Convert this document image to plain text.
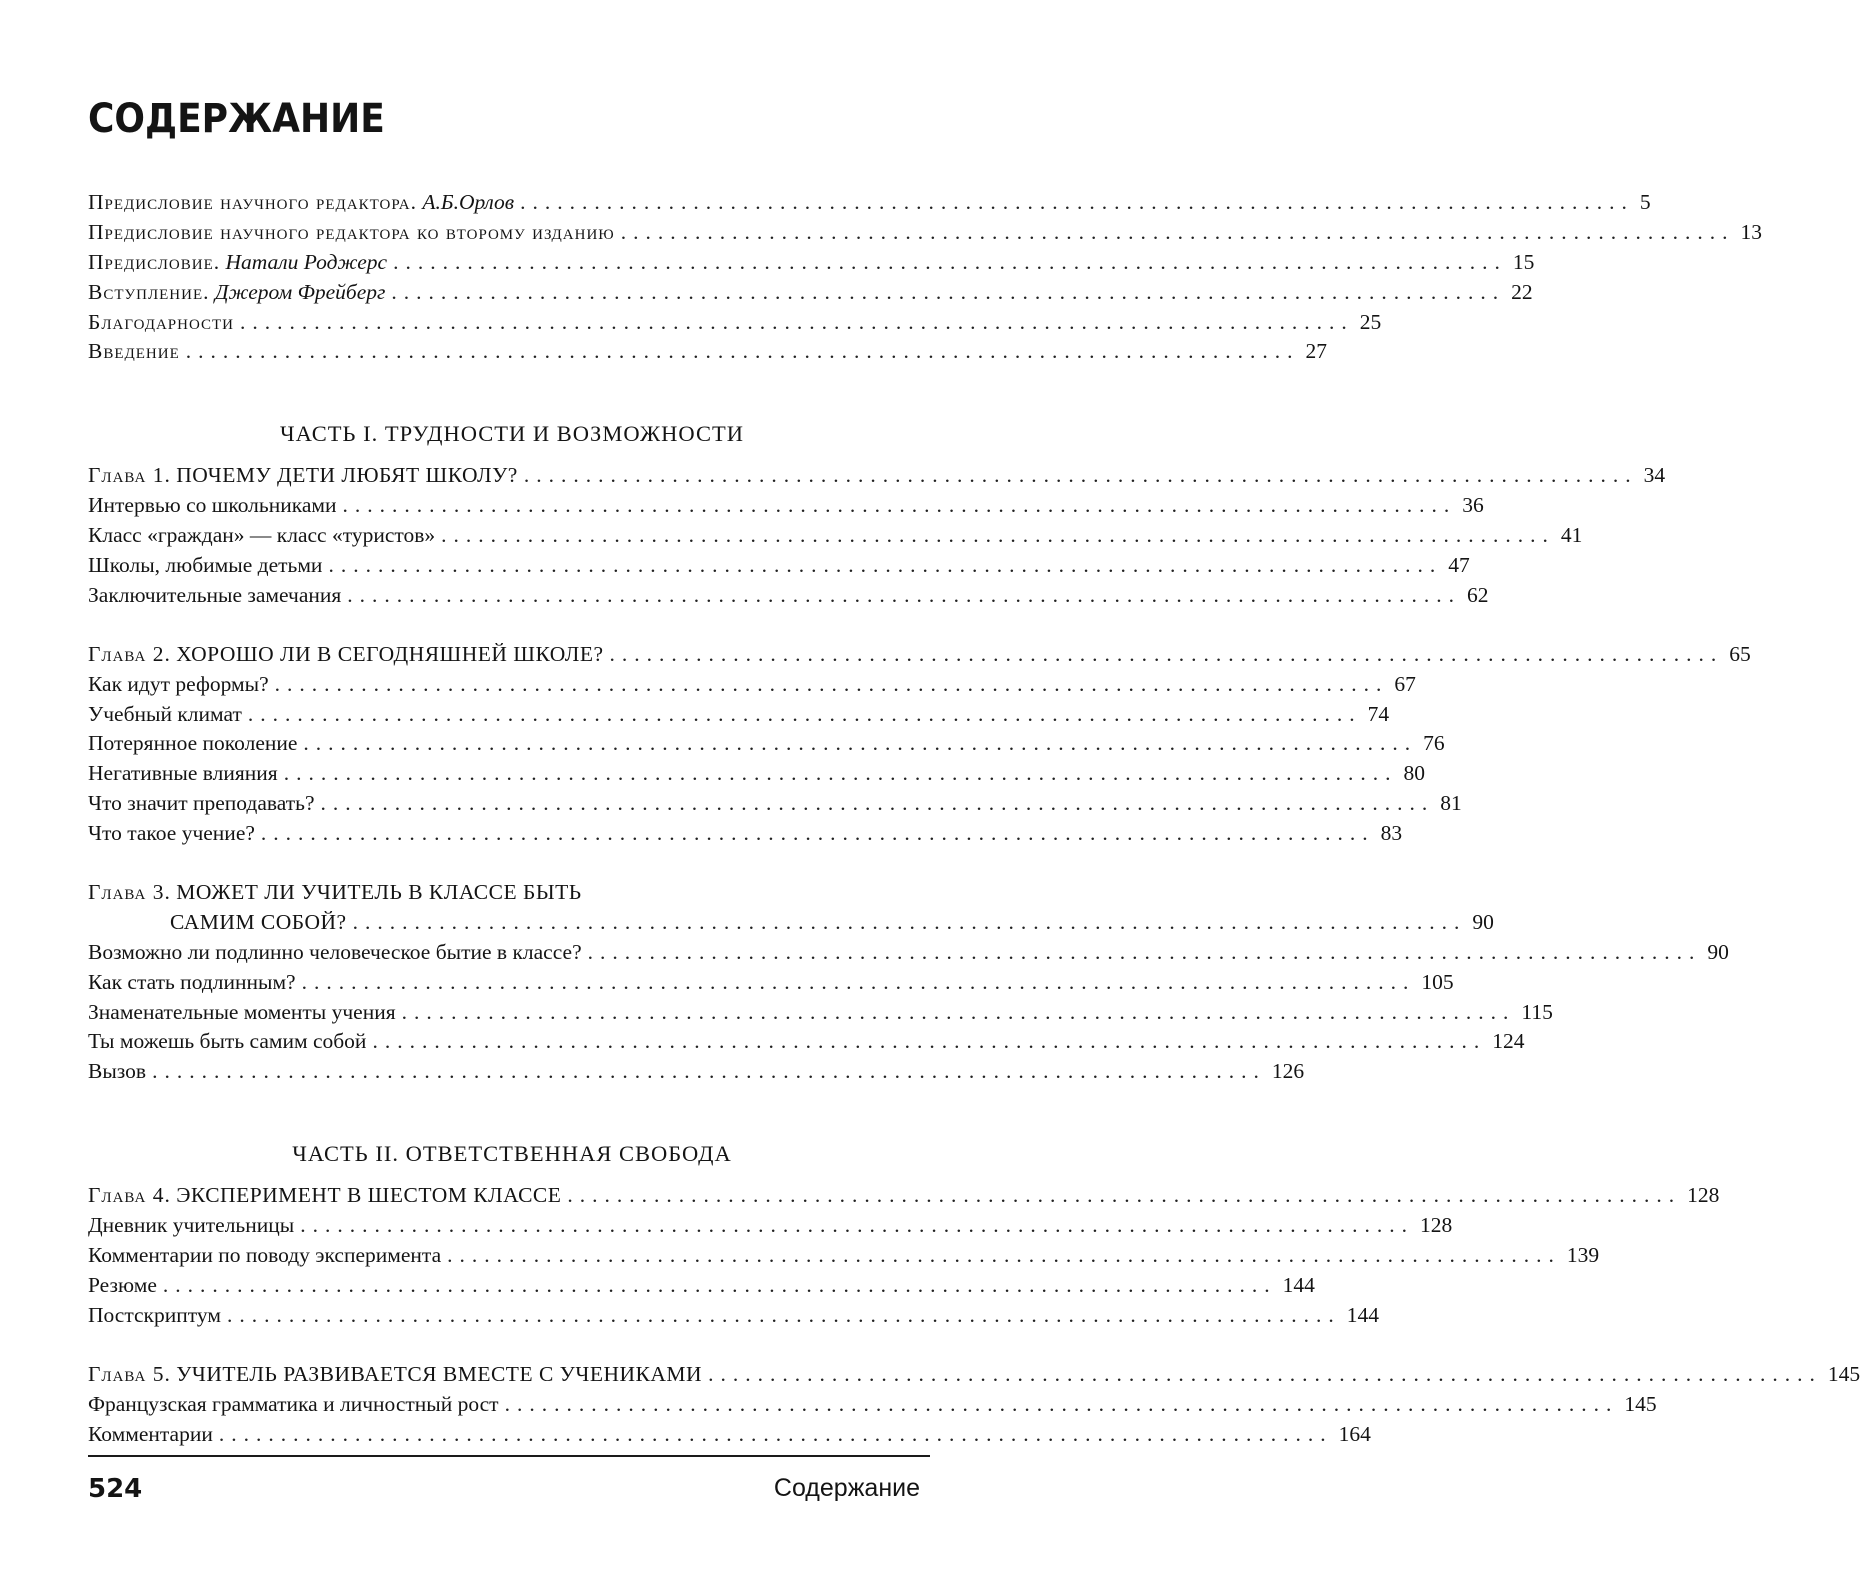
СОДЕРЖАНИЕ
Предисловие научного редактора. А.Б.Орлов .......................................................................................... 5
Предисловие научного редактора ко второму изданию .......................................................................................... 13
Предисловие. Натали Роджерс .......................................................................................... 15
Вступление. Джером Фрейберг .......................................................................................... 22
Благодарности .......................................................................................... 25
Введение .......................................................................................... 27
ЧАСТЬ I. ТРУДНОСТИ И ВОЗМОЖНОСТИ
Глава 1. ПОЧЕМУ ДЕТИ ЛЮБЯТ ШКОЛУ? .......................................................................................... 34
Интервью со школьниками .......................................................................................... 36
Класс «граждан» — класс «туристов» .......................................................................................... 41
Школы, любимые детьми .......................................................................................... 47
Заключительные замечания .......................................................................................... 62
Глава 2. ХОРОШО ЛИ В СЕГОДНЯШНЕЙ ШКОЛЕ? .......................................................................................... 65
Как идут реформы? .......................................................................................... 67
Учебный климат .......................................................................................... 74
Потерянное поколение .......................................................................................... 76
Негативные влияния .......................................................................................... 80
Что значит преподавать? .......................................................................................... 81
Что такое учение? .......................................................................................... 83
Глава 3. МОЖЕТ ЛИ УЧИТЕЛЬ В КЛАССЕ БЫТЬ
САМИМ СОБОЙ? .......................................................................................... 90
Возможно ли подлинно человеческое бытие в классе? .......................................................................................... 90
Как стать подлинным? .......................................................................................... 105
Знаменательные моменты учения .......................................................................................... 115
Ты можешь быть самим собой .......................................................................................... 124
Вызов .......................................................................................... 126
ЧАСТЬ II. ОТВЕТСТВЕННАЯ СВОБОДА
Глава 4. ЭКСПЕРИМЕНТ В ШЕСТОМ КЛАССЕ .......................................................................................... 128
Дневник учительницы .......................................................................................... 128
Комментарии по поводу эксперимента .......................................................................................... 139
Резюме .......................................................................................... 144
Постскриптум .......................................................................................... 144
Глава 5. УЧИТЕЛЬ РАЗВИВАЕТСЯ ВМЕСТЕ С УЧЕНИКАМИ .......................................................................................... 145
Французская грамматика и личностный рост .......................................................................................... 145
Комментарии .......................................................................................... 164
524	Содержание
